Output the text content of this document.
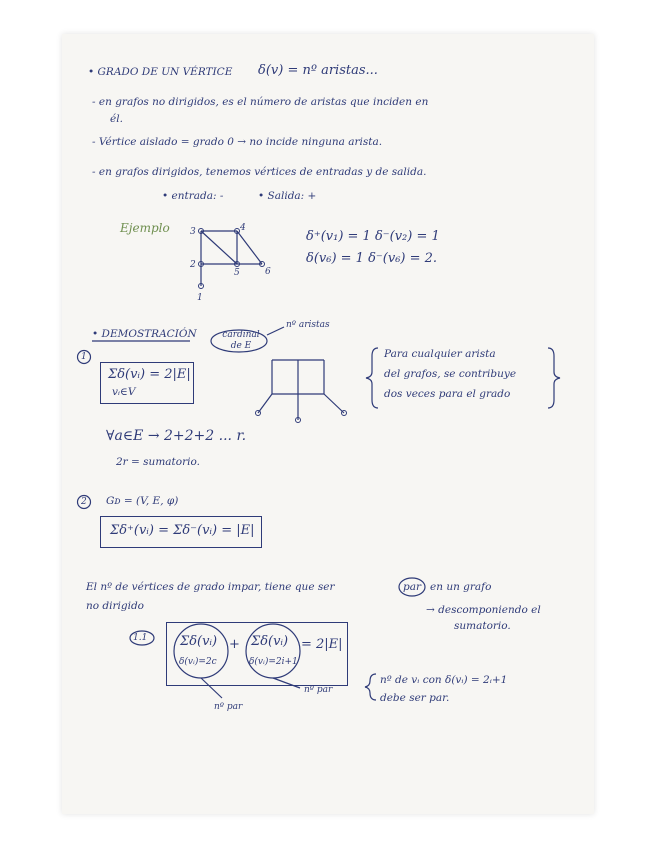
• GRADO DE UN VÉRTICE δ(v) = nº aristas...
- en grafos no dirigidos, es el número de aristas que inciden en
él.
- Vértice aislado = grado 0 → no incide ninguna arista.
- en grafos dirigidos, tenemos vértices de entradas y de salida.
• entrada: -	• Salida: +
Ejemplo
δ⁺(v₁) = 1 δ⁻(v₂) = 1
δ(v₆) = 1 δ⁻(v₆) = 2.
3
2
4
5	6
1
• DEMOSTRACIÓN	cardinal de E
nº aristas
1
Σδ(vᵢ) = 2|E|
vᵢ∈V
Para cualquier arista
del grafos, se contribuye
dos veces para el grado
∀a∈E → 2+2+2 ... r.
2r = sumatorio.
2 Gᴅ = (V, E, φ)
Σδ⁺(vᵢ) = Σδ⁻(vᵢ) = |E|
El nº de vértices de grado impar, tiene que ser	par en un grafo
no dirigido	→ descomponiendo el
sumatorio.
1.1	Σδ(vᵢ)
δ(vᵢ)=2c
+ Σδ(vᵢ)
δ(vᵢ)=2i+1
= 2|E|
nº par
nº par
nº de vᵢ con δ(vᵢ) = 2ᵢ+1
debe ser par.
